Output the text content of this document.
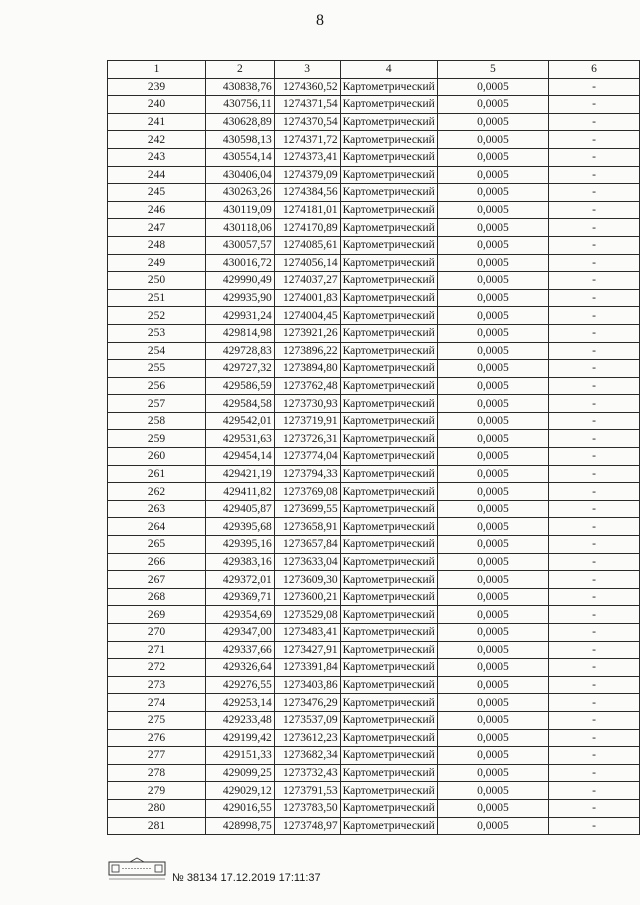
8
1	2	3	4	5	6
239	430838,76	1274360,52	Картометрический	0,0005	-
240	430756,11	1274371,54	Картометрический	0,0005	-
241	430628,89	1274370,54	Картометрический	0,0005	-
242	430598,13	1274371,72	Картометрический	0,0005	-
243	430554,14	1274373,41	Картометрический	0,0005	-
244	430406,04	1274379,09	Картометрический	0,0005	-
245	430263,26	1274384,56	Картометрический	0,0005	-
246	430119,09	1274181,01	Картометрический	0,0005	-
247	430118,06	1274170,89	Картометрический	0,0005	-
248	430057,57	1274085,61	Картометрический	0,0005	-
249	430016,72	1274056,14	Картометрический	0,0005	-
250	429990,49	1274037,27	Картометрический	0,0005	-
251	429935,90	1274001,83	Картометрический	0,0005	-
252	429931,24	1274004,45	Картометрический	0,0005	-
253	429814,98	1273921,26	Картометрический	0,0005	-
254	429728,83	1273896,22	Картометрический	0,0005	-
255	429727,32	1273894,80	Картометрический	0,0005	-
256	429586,59	1273762,48	Картометрический	0,0005	-
257	429584,58	1273730,93	Картометрический	0,0005	-
258	429542,01	1273719,91	Картометрический	0,0005	-
259	429531,63	1273726,31	Картометрический	0,0005	-
260	429454,14	1273774,04	Картометрический	0,0005	-
261	429421,19	1273794,33	Картометрический	0,0005	-
262	429411,82	1273769,08	Картометрический	0,0005	-
263	429405,87	1273699,55	Картометрический	0,0005	-
264	429395,68	1273658,91	Картометрический	0,0005	-
265	429395,16	1273657,84	Картометрический	0,0005	-
266	429383,16	1273633,04	Картометрический	0,0005	-
267	429372,01	1273609,30	Картометрический	0,0005	-
268	429369,71	1273600,21	Картометрический	0,0005	-
269	429354,69	1273529,08	Картометрический	0,0005	-
270	429347,00	1273483,41	Картометрический	0,0005	-
271	429337,66	1273427,91	Картометрический	0,0005	-
272	429326,64	1273391,84	Картометрический	0,0005	-
273	429276,55	1273403,86	Картометрический	0,0005	-
274	429253,14	1273476,29	Картометрический	0,0005	-
275	429233,48	1273537,09	Картометрический	0,0005	-
276	429199,42	1273612,23	Картометрический	0,0005	-
277	429151,33	1273682,34	Картометрический	0,0005	-
278	429099,25	1273732,43	Картометрический	0,0005	-
279	429029,12	1273791,53	Картометрический	0,0005	-
280	429016,55	1273783,50	Картометрический	0,0005	-
281	428998,75	1273748,97	Картометрический	0,0005	-
№ 38134 17.12.2019 17:11:37
